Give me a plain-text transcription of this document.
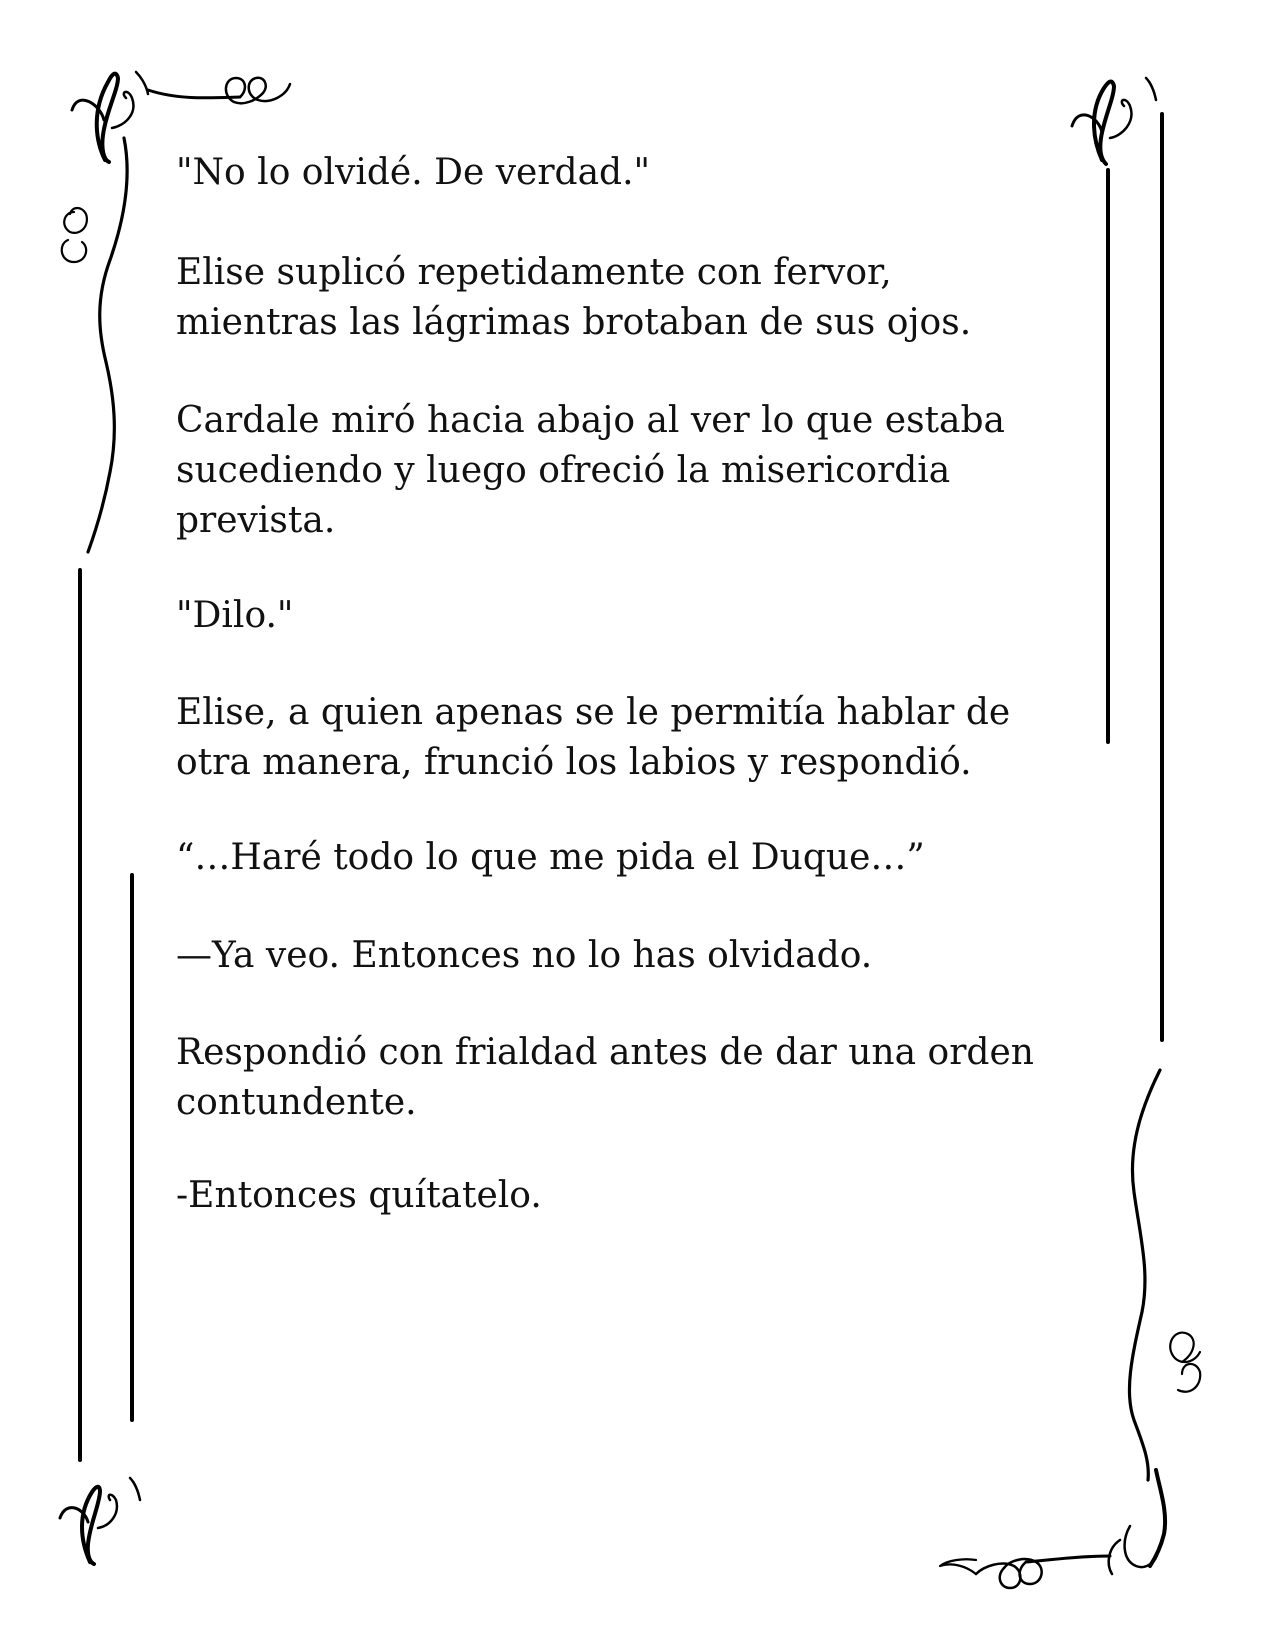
"No lo olvidé. De verdad."

Elise suplicó repetidamente con fervor,
mientras las lágrimas brotaban de sus ojos.

Cardale miró hacia abajo al ver lo que estaba
sucediendo y luego ofreció la misericordia
prevista.

"Dilo."

Elise, a quien apenas se le permitía hablar de
otra manera, frunció los labios y respondió.

“…Haré todo lo que me pida el Duque…”

—Ya veo. Entonces no lo has olvidado.

Respondió con frialdad antes de dar una orden
contundente.

-Entonces quítatelo.
